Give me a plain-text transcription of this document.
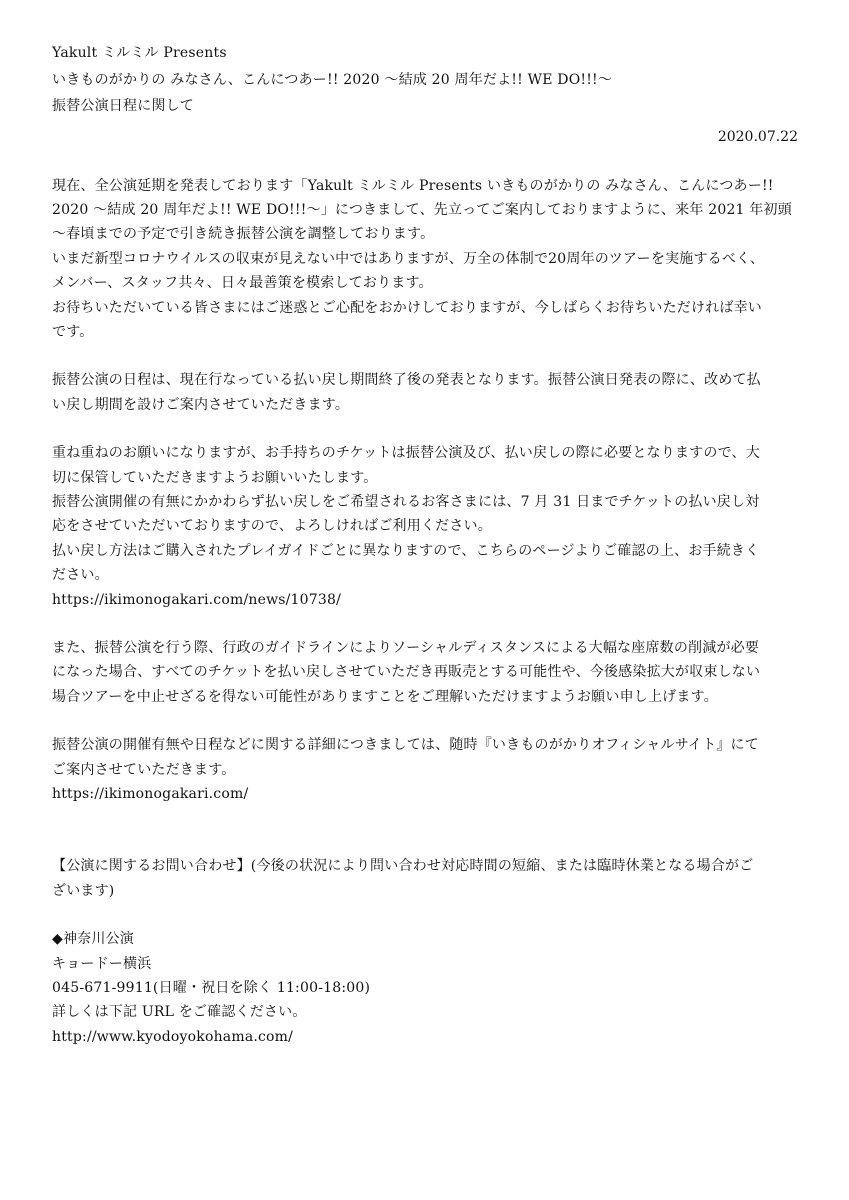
Yakult ミルミル Presents
いきものがかりの みなさん、こんにつあー!! 2020 〜結成 20 周年だよ!! WE DO!!!〜
振替公演日程に関して
2020.07.22
現在、全公演延期を発表しております「Yakult ミルミル Presents いきものがかりの みなさん、こんにつあー!!
2020 〜結成 20 周年だよ!! WE DO!!!〜」につきまして、先立ってご案内しておりますように、来年 2021 年初頭
〜春頃までの予定で引き続き振替公演を調整しております。
いまだ新型コロナウイルスの収束が見えない中ではありますが、万全の体制で20周年のツアーを実施するべく、
メンバー、スタッフ共々、日々最善策を模索しております。
お待ちいただいている皆さまにはご迷惑とご心配をおかけしておりますが、今しばらくお待ちいただければ幸い
です。
振替公演の日程は、現在行なっている払い戻し期間終了後の発表となります。振替公演日発表の際に、改めて払
い戻し期間を設けご案内させていただきます。
重ね重ねのお願いになりますが、お手持ちのチケットは振替公演及び、払い戻しの際に必要となりますので、大
切に保管していただきますようお願いいたします。
振替公演開催の有無にかかわらず払い戻しをご希望されるお客さまには、7 月 31 日までチケットの払い戻し対
応をさせていただいておりますので、よろしければご利用ください。
払い戻し方法はご購入されたプレイガイドごとに異なりますので、こちらのページよりご確認の上、お手続きく
ださい。
https://ikimonogakari.com/news/10738/
また、振替公演を行う際、行政のガイドラインによりソーシャルディスタンスによる大幅な座席数の削減が必要
になった場合、すべてのチケットを払い戻しさせていただき再販売とする可能性や、今後感染拡大が収束しない
場合ツアーを中止せざるを得ない可能性がありますことをご理解いただけますようお願い申し上げます。
振替公演の開催有無や日程などに関する詳細につきましては、随時『いきものがかりオフィシャルサイト』にて
ご案内させていただきます。
https://ikimonogakari.com/
【公演に関するお問い合わせ】(今後の状況により問い合わせ対応時間の短縮、または臨時休業となる場合がご
ざいます)
◆神奈川公演
キョードー横浜
045-671-9911(日曜・祝日を除く 11:00-18:00)
詳しくは下記 URL をご確認ください。
http://www.kyodoyokohama.com/
